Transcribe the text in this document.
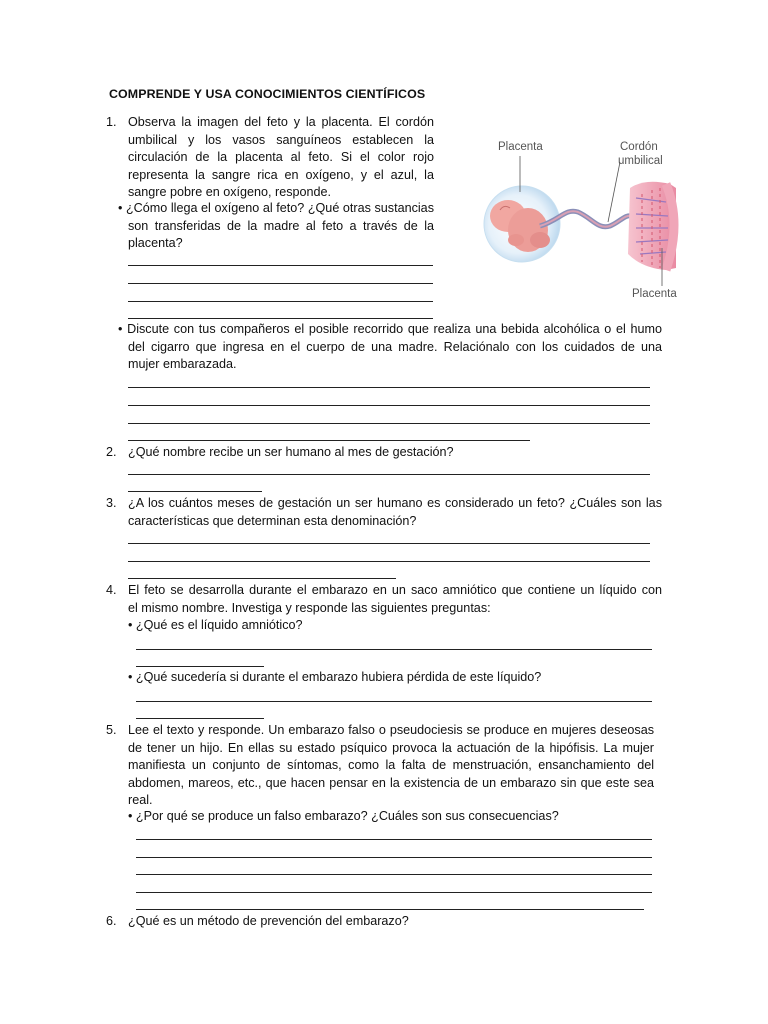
COMPRENDE Y USA CONOCIMIENTOS CIENTÍFICOS
1. Observa la imagen del feto y la placenta. El cordón
umbilical y los vasos sanguíneos establecen la
circulación de la placenta al feto. Si el color rojo
representa la sangre rica en oxígeno, y el azul, la
sangre pobre en oxígeno, responde.
• ¿Cómo llega el oxígeno al feto? ¿Qué otras sustancias
son transferidas de la madre al feto a través de la
placenta?
Placenta	Cordón
umbilical
Placenta
• Discute con tus compañeros el posible recorrido que realiza una bebida alcohólica o el humo
del cigarro que ingresa en el cuerpo de una madre. Relaciónalo con los cuidados de una
mujer embarazada.
2. ¿Qué nombre recibe un ser humano al mes de gestación?
3. ¿A los cuántos meses de gestación un ser humano es considerado un feto? ¿Cuáles son las
características que determinan esta denominación?
4. El feto se desarrolla durante el embarazo en un saco amniótico que contiene un líquido con
el mismo nombre. Investiga y responde las siguientes preguntas:
• ¿Qué es el líquido amniótico?
• ¿Qué sucedería si durante el embarazo hubiera pérdida de este líquido?
5. Lee el texto y responde. Un embarazo falso o pseudociesis se produce en mujeres deseosas
de tener un hijo. En ellas su estado psíquico provoca la actuación de la hipófisis. La mujer
manifiesta un conjunto de síntomas, como la falta de menstruación, ensanchamiento del
abdomen, mareos, etc., que hacen pensar en la existencia de un embarazo sin que este sea
real.
• ¿Por qué se produce un falso embarazo? ¿Cuáles son sus consecuencias?
6. ¿Qué es un método de prevención del embarazo?
